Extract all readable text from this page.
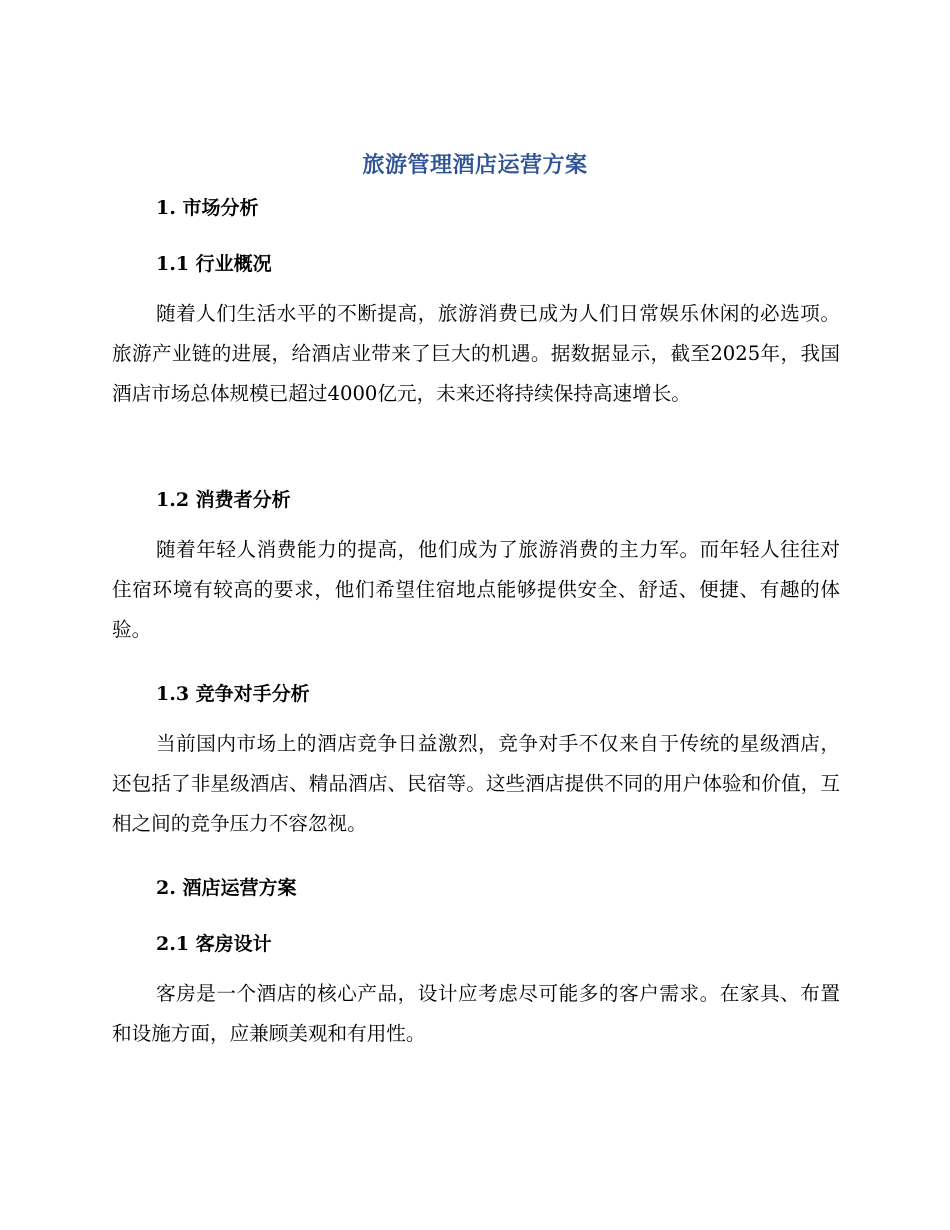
旅游管理酒店运营方案
1. 市场分析
1.1 行业概况

随着人们生活水平的不断提高，旅游消费已成为人们日常娱乐休闲的必选项。旅游产业链的进展，给酒店业带来了巨大的机遇。据数据显示，截至2025年，我国酒店市场总体规模已超过4000亿元，未来还将持续保持高速增长。

1.2 消费者分析

随着年轻人消费能力的提高，他们成为了旅游消费的主力军。而年轻人往往对住宿环境有较高的要求，他们希望住宿地点能够提供安全、舒适、便捷、有趣的体验。

1.3 竞争对手分析

当前国内市场上的酒店竞争日益激烈，竞争对手不仅来自于传统的星级酒店，还包括了非星级酒店、精品酒店、民宿等。这些酒店提供不同的用户体验和价值，互相之间的竞争压力不容忽视。

2. 酒店运营方案
2.1 客房设计

客房是一个酒店的核心产品，设计应考虑尽可能多的客户需求。在家具、布置和设施方面，应兼顾美观和有用性。
